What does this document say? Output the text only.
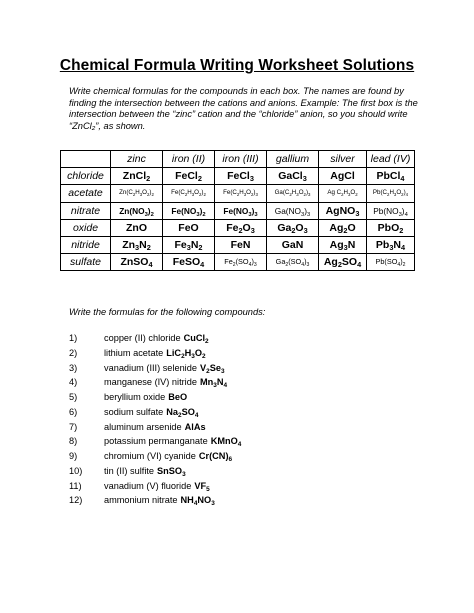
Chemical Formula Writing Worksheet Solutions
Write chemical formulas for the compounds in each box. The names are found by finding the intersection between the cations and anions. Example: The first box is the intersection between the “zinc” cation and the “chloride” anion, so you should write “ZnCl₂”, as shown.
	zinc	iron (II)	iron (III)	gallium	silver	lead (IV)
chloride	ZnCl$_2$	FeCl$_2$	FeCl$_3$	GaCl$_3$	AgCl	PbCl$_4$
acetate	$Zn(C_2H_3O_2)_2$	$Fe(C_2H_3O_2)_2$	$Fe(C_2H_3O_2)_3$	$Ga(C_2H_3O_2)_3$	Ag $C_2H_3O_2$	$Pb(C_2H_3O_2)_4$
nitrate	$Zn(NO_3)_2$	$Fe(NO_3)_2$	$Fe(NO_3)_3$	$Ga(NO_3)_3$	AgNO$_3$	$Pb(NO_3)_4$
oxide	ZnO	FeO	$Fe_2O_3$	$Ga_2O_3$	$Ag_2O$	PbO$_2$
nitride	$Zn_3N_2$	$Fe_3N_2$	FeN	GaN	$Ag_3N$	$Pb_3N_4$
sulfate	ZnSO$_4$	FeSO$_4$	$Fe_2(SO_4)_3$	$Ga_2(SO_4)_3$	$Ag_2SO_4$	$Pb(SO_4)_2$
Write the formulas for the following compounds:
1)	copper (II) chloride CuCl$_2$
2)	lithium acetate $LiC_2H_3O_2$
3)	vanadium (III) selenide $V_2Se_3$
4)	manganese (IV) nitride $Mn_3N_4$
5)	beryllium oxide BeO
6)	sodium sulfate $Na_2SO_4$
7)	aluminum arsenide AlAs
8)	potassium permanganate KMnO$_4$
9)	chromium (VI) cyanide $Cr(CN)_6$
10) tin (II) sulfite SnSO$_3$
11) vanadium (V) fluoride $VF_5$
12) ammonium nitrate $NH_4NO_3$
